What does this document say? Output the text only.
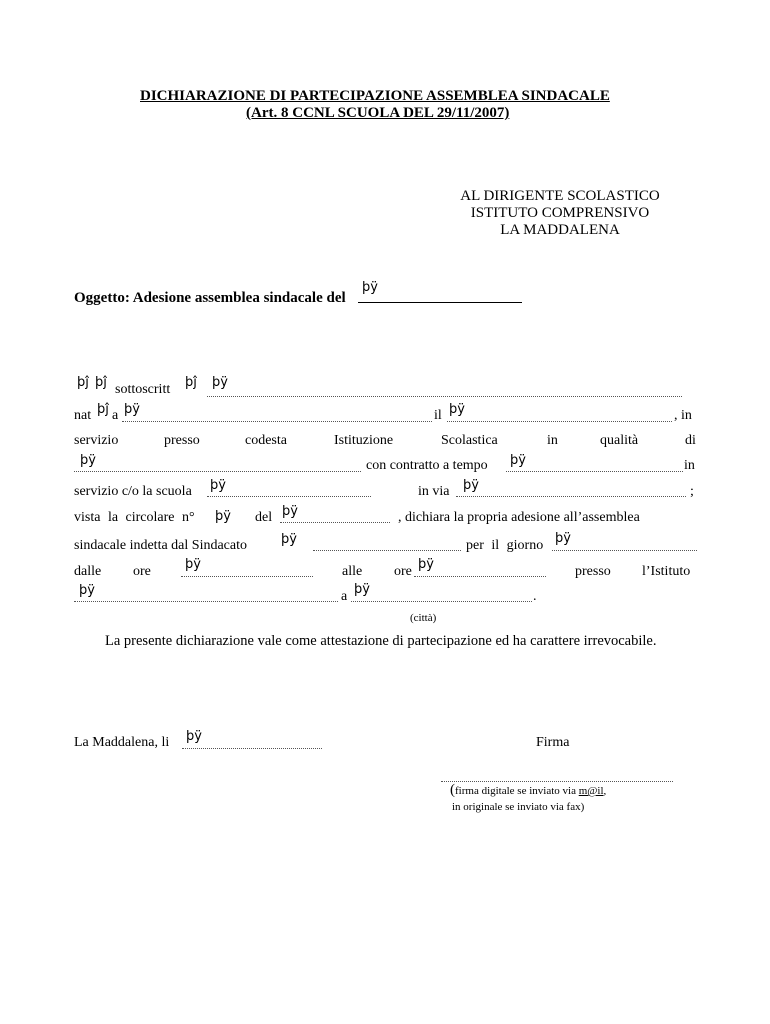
DICHIARAZIONE DI PARTECIPAZIONE ASSEMBLEA SINDACALE
(Art. 8 CCNL SCUOLA DEL 29/11/2007)
AL DIRIGENTE SCOLASTICO
ISTITUTO COMPRENSIVO
LA MADDALENA
Oggetto: Adesione assemblea sindacale del
þÿ
þĵ þĵ sottoscritt þĵ þÿ
nat þĵ a þÿ	il þÿ	, in
servizio	presso	codesta	Istituzione	Scolastica	in	qualità	di
þÿ	con contratto a tempo þÿ	in
servizio c/o la scuola þÿ	in via þÿ	;
vista la circolare n° þÿ del þÿ	, dichiara la propria adesione all’assemblea
sindacale indetta dal Sindacato	þÿ	per il giorno þÿ
dalle ore	þÿ	alle ore þÿ	presso l’Istituto
þÿ	a þÿ	.
(città)
La presente dichiarazione vale come attestazione di partecipazione ed ha carattere irrevocabile.
La Maddalena, li þÿ	Firma
(firma digitale se inviato via m@il,
in originale se inviato via fax)
